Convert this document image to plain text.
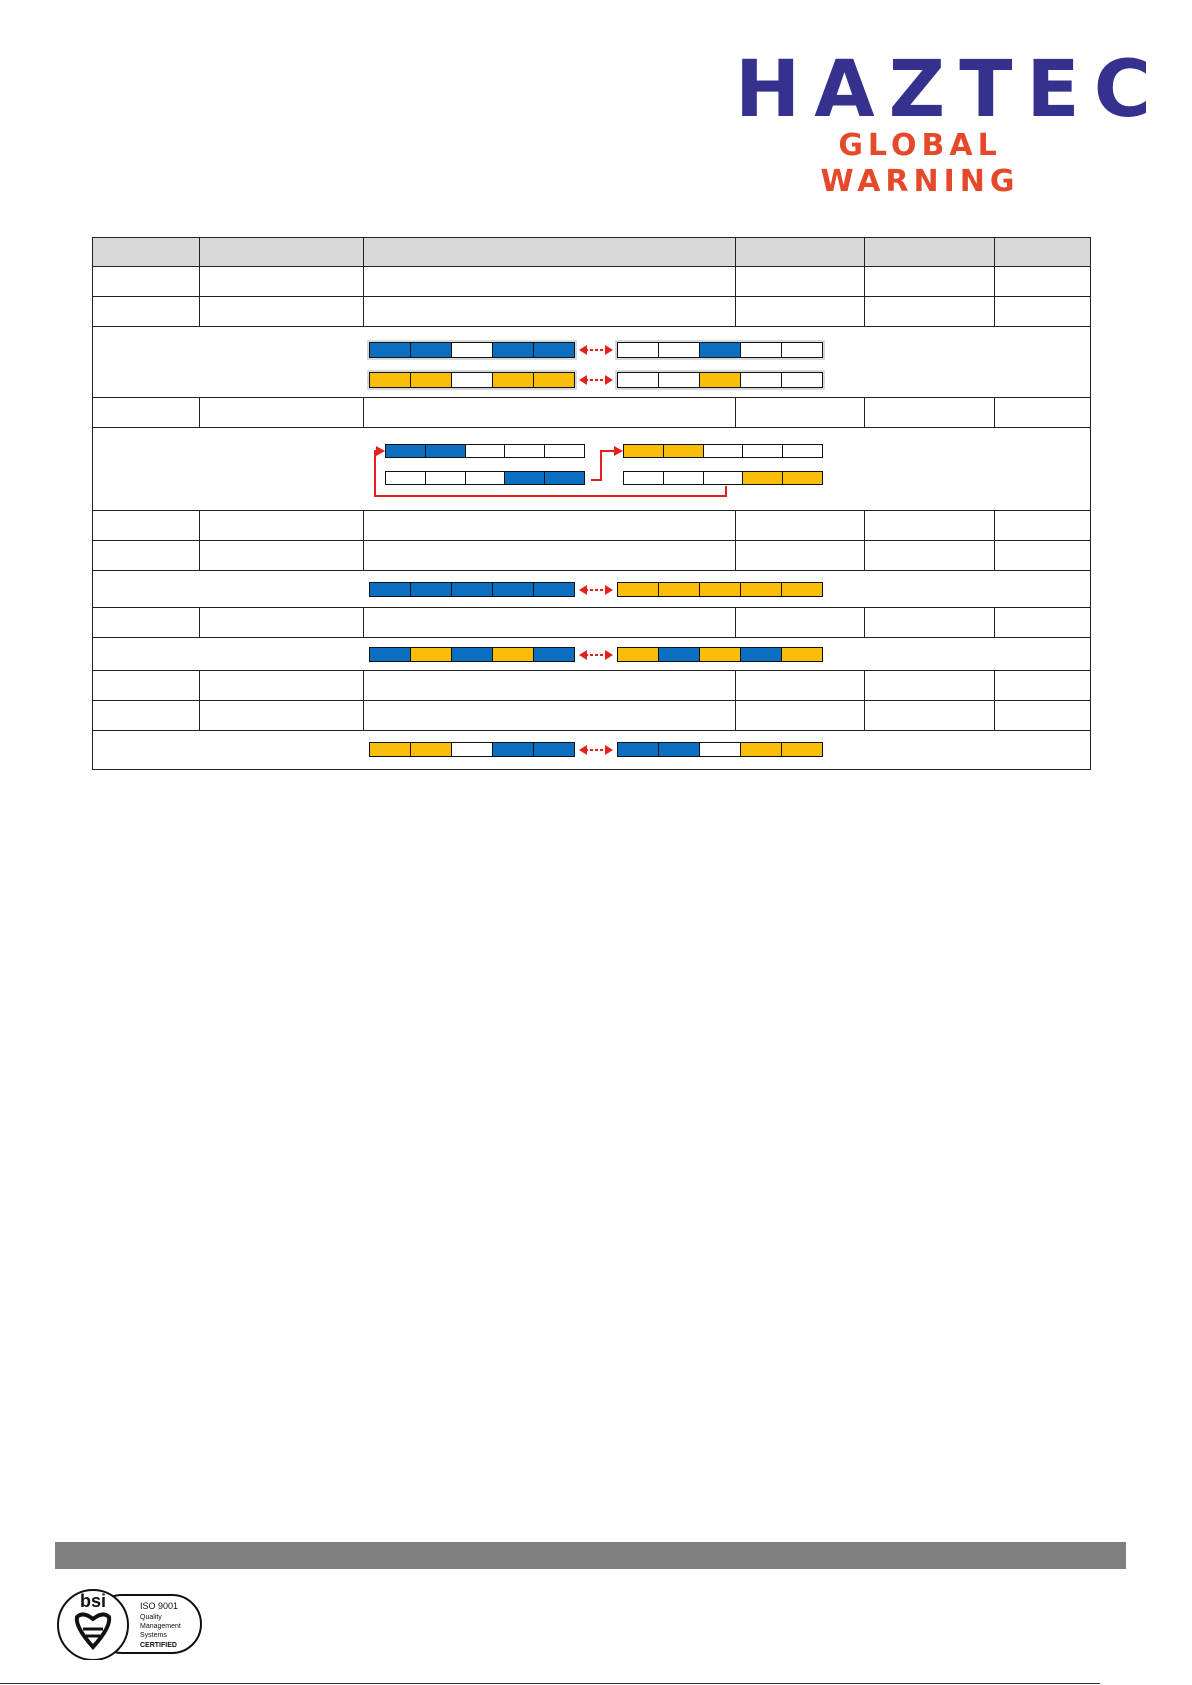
HAZTEC
GLOBAL WARNING

bsi	ISO 9001
Quality
Management
Systems
CERTIFIED
